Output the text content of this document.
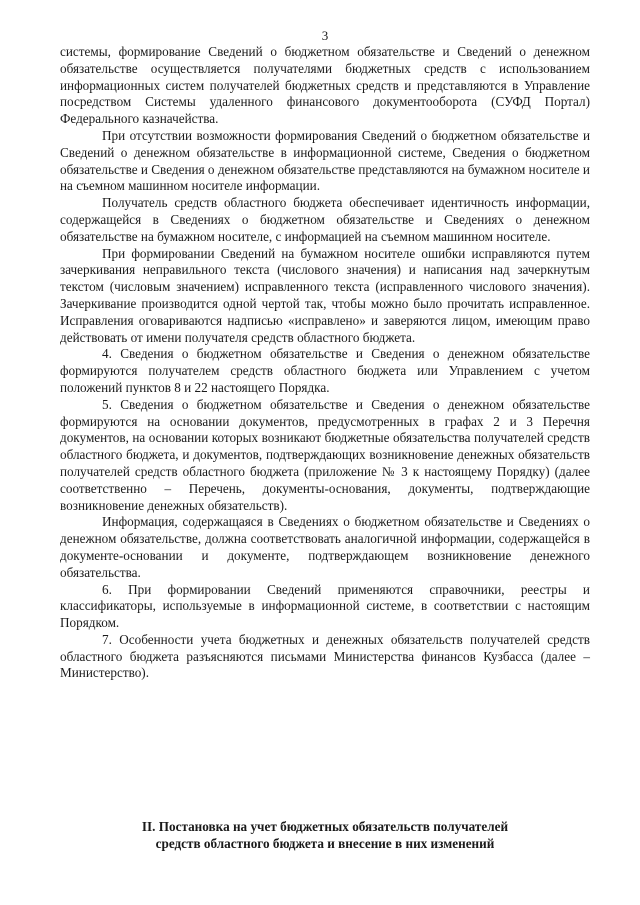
3

системы, формирование Сведений о бюджетном обязательстве и Сведений о денежном обязательстве осуществляется получателями бюджетных средств с использованием информационных систем получателей бюджетных средств и представляются в Управление посредством Системы удаленного финансового документооборота (СУФД Портал) Федерального казначейства.

При отсутствии возможности формирования Сведений о бюджетном обязательстве и Сведений о денежном обязательстве в информационной системе, Сведения о бюджетном обязательстве и Сведения о денежном обязательстве представляются на бумажном носителе и на съемном машинном носителе информации.

Получатель средств областного бюджета обеспечивает идентичность информации, содержащейся в Сведениях о бюджетном обязательстве и Сведениях о денежном обязательстве на бумажном носителе, с информацией на съемном машинном носителе.

При формировании Сведений на бумажном носителе ошибки исправляются путем зачеркивания неправильного текста (числового значения) и написания над зачеркнутым текстом (числовым значением) исправленного текста (исправленного числового значения). Зачеркивание производится одной чертой так, чтобы можно было прочитать исправленное. Исправления оговариваются надписью «исправлено» и заверяются лицом, имеющим право действовать от имени получателя средств областного бюджета.

4. Сведения о бюджетном обязательстве и Сведения о денежном обязательстве формируются получателем средств областного бюджета или Управлением с учетом положений пунктов 8 и 22 настоящего Порядка.

5. Сведения о бюджетном обязательстве и Сведения о денежном обязательстве формируются на основании документов, предусмотренных в графах 2 и 3 Перечня документов, на основании которых возникают бюджетные обязательства получателей средств областного бюджета, и документов, подтверждающих возникновение денежных обязательств получателей средств областного бюджета (приложение № 3 к настоящему Порядку) (далее соответственно – Перечень, документы-основания, документы, подтверждающие возникновение денежных обязательств).

Информация, содержащаяся в Сведениях о бюджетном обязательстве и Сведениях о денежном обязательстве, должна соответствовать аналогичной информации, содержащейся в документе-основании и документе, подтверждающем возникновение денежного обязательства.

6. При формировании Сведений применяются справочники, реестры и классификаторы, используемые в информационной системе, в соответствии с настоящим Порядком.

7. Особенности учета бюджетных и денежных обязательств получателей средств областного бюджета разъясняются письмами Министерства финансов Кузбасса (далее – Министерство).

II. Постановка на учет бюджетных обязательств получателей
средств областного бюджета и внесение в них изменений
